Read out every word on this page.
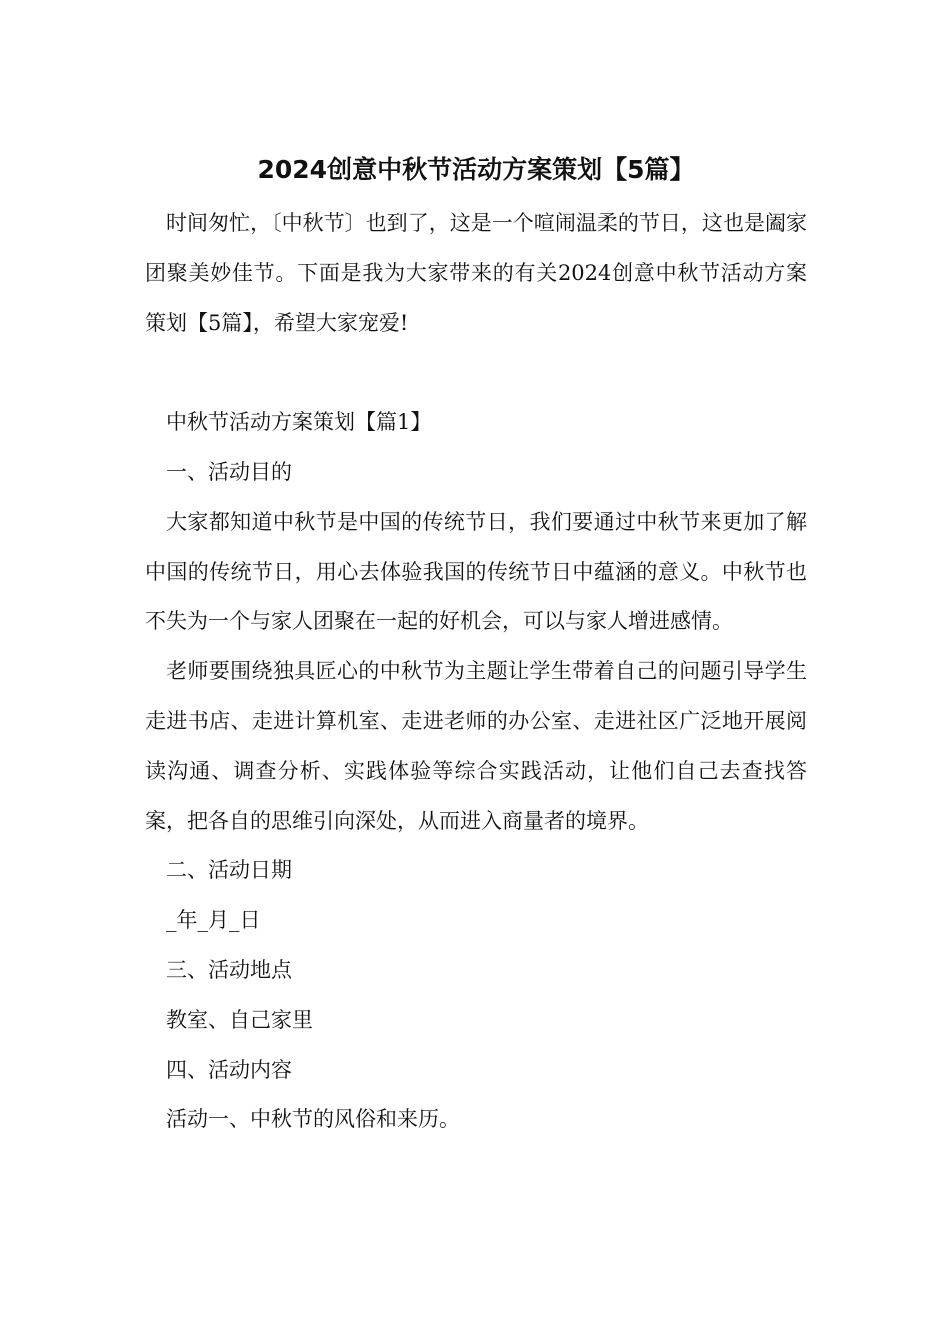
2024创意中秋节活动方案策划【5篇】

时间匆忙，〔中秋节〕也到了，这是一个喧闹温柔的节日，这也是阖家团聚美妙佳节。下面是我为大家带来的有关2024创意中秋节活动方案策划【5篇】，希望大家宠爱!

中秋节活动方案策划【篇1】

一、活动目的

大家都知道中秋节是中国的传统节日，我们要通过中秋节来更加了解中国的传统节日，用心去体验我国的传统节日中蕴涵的意义。中秋节也不失为一个与家人团聚在一起的好机会，可以与家人增进感情。

老师要围绕独具匠心的中秋节为主题让学生带着自己的问题引导学生走进书店、走进计算机室、走进老师的办公室、走进社区广泛地开展阅读沟通、调查分析、实践体验等综合实践活动，让他们自己去查找答案，把各自的思维引向深处，从而进入商量者的境界。

二、活动日期

_年_月_日

三、活动地点

教室、自己家里

四、活动内容

活动一、中秋节的风俗和来历。
